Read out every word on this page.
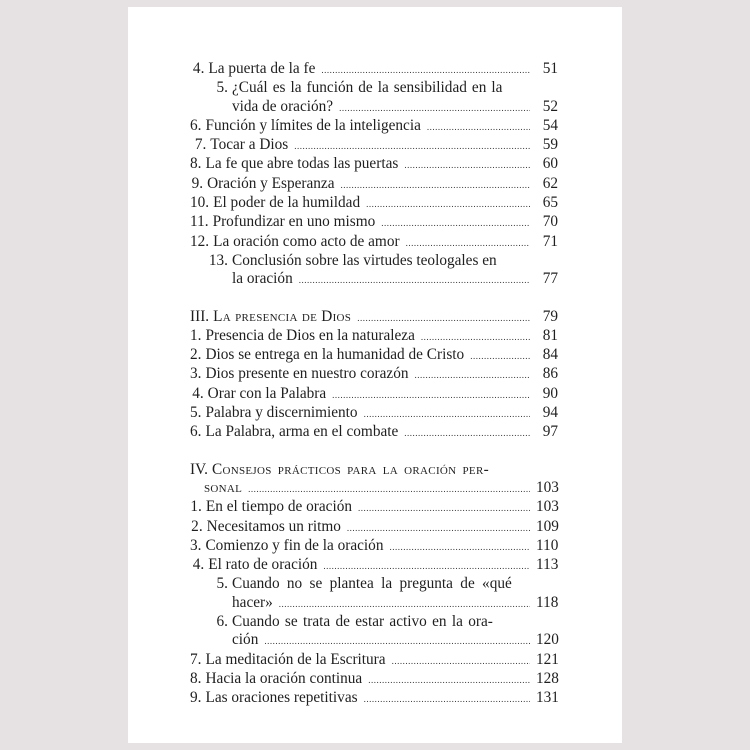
4. La puerta de la fe .....	51
5. ¿Cuál es la función de la sensibilidad en la
vida de oración? .....	52
6. Función y límites de la inteligencia .....	54
7. Tocar a Dios .....	59
8. La fe que abre todas las puertas .....	60
9. Oración y Esperanza .....	62
10. El poder de la humildad .....	65
11. Profundizar en uno mismo .....	70
12. La oración como acto de amor .....	71
13. Conclusión sobre las virtudes teologales en
la oración .....	77
III. La presencia de Dios .....	79
1. Presencia de Dios en la naturaleza .....	81
2. Dios se entrega en la humanidad de Cristo .....	84
3. Dios presente en nuestro corazón .....	86
4. Orar con la Palabra .....	90
5. Palabra y discernimiento .....	94
6. La Palabra, arma en el combate .....	97
IV. Consejos prácticos para la oración per-
sonal .....	103
1. En el tiempo de oración .....	103
2. Necesitamos un ritmo .....	109
3. Comienzo y fin de la oración .....	110
4. El rato de oración .....	113
5. Cuando no se plantea la pregunta de «qué
hacer» .....	118
6. Cuando se trata de estar activo en la ora-
ción .....	120
7. La meditación de la Escritura .....	121
8. Hacia la oración continua .....	128
9. Las oraciones repetitivas .....	131
